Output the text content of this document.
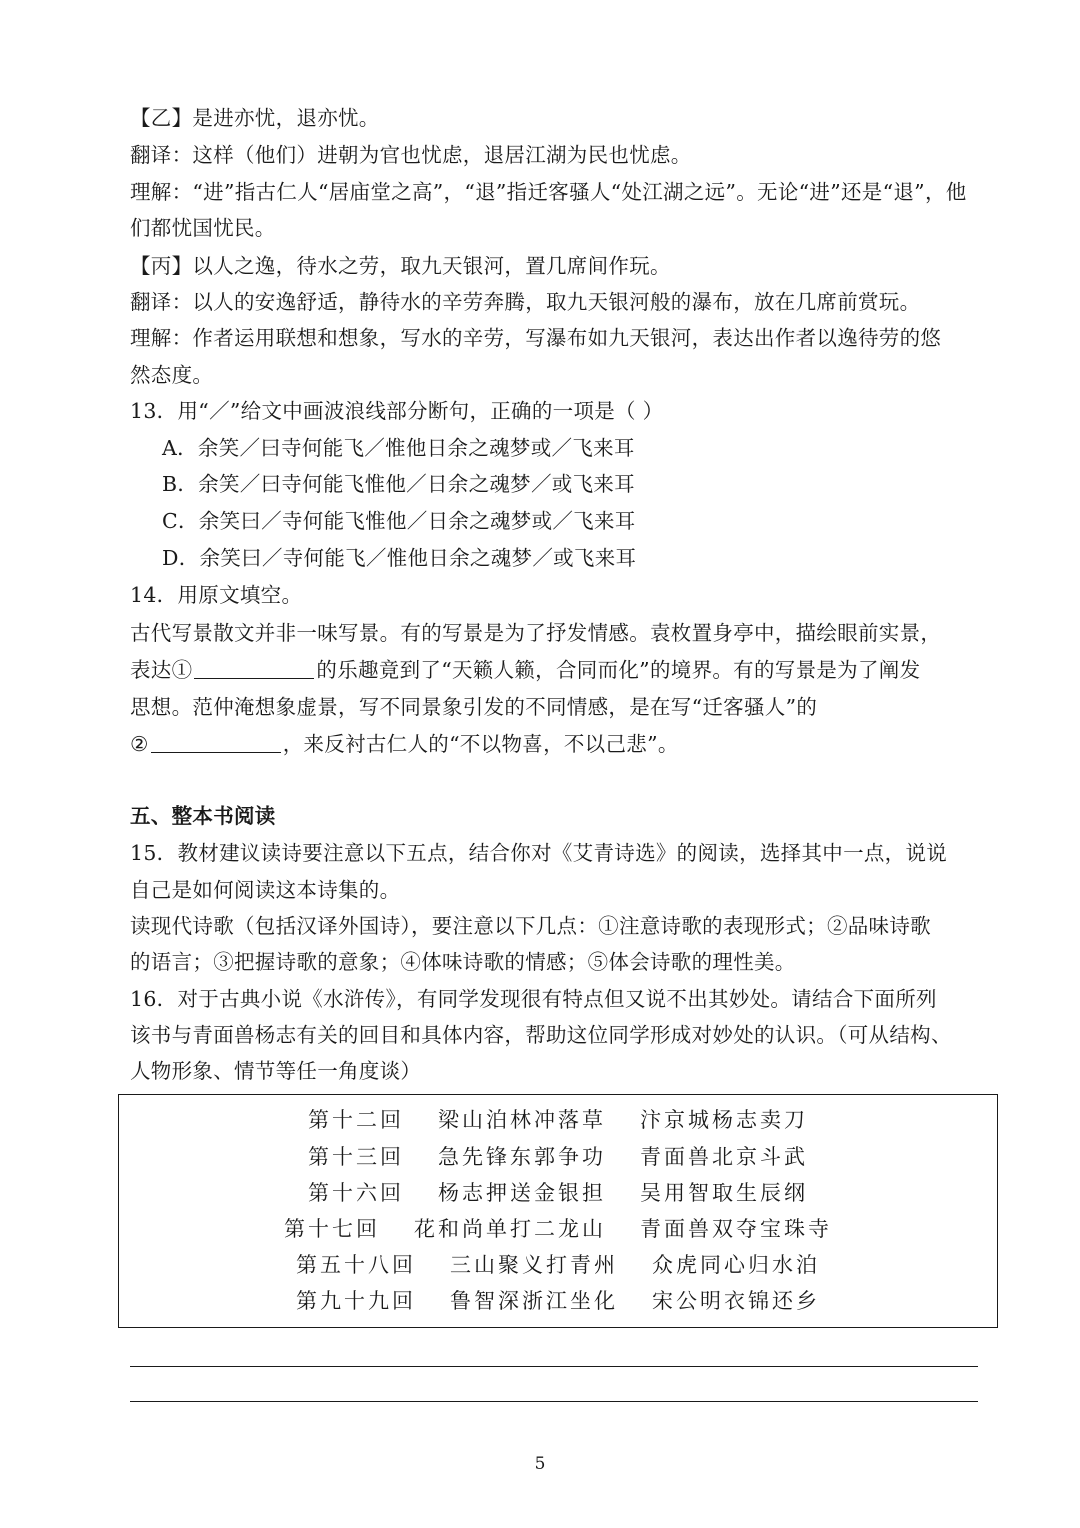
【乙】是进亦忧，退亦忧。
翻译：这样（他们）进朝为官也忧虑，退居江湖为民也忧虑。
理解：“进”指古仁人“居庙堂之高”，“退”指迁客骚人“处江湖之远”。无论“进”还是“退”，他
们都忧国忧民。
【丙】以人之逸，待水之劳，取九天银河，置几席间作玩。
翻译：以人的安逸舒适，静待水的辛劳奔腾，取九天银河般的瀑布，放在几席前赏玩。
理解：作者运用联想和想象，写水的辛劳，写瀑布如九天银河，表达出作者以逸待劳的悠
然态度。
13．用“／”给文中画波浪线部分断句，正确的一项是（ ）
A．余笑／曰寺何能飞／惟他日余之魂梦或／飞来耳
B．余笑／曰寺何能飞惟他／日余之魂梦／或飞来耳
C．余笑曰／寺何能飞惟他／日余之魂梦或／飞来耳
D．余笑曰／寺何能飞／惟他日余之魂梦／或飞来耳
14．用原文填空。
古代写景散文并非一味写景。有的写景是为了抒发情感。袁枚置身亭中，描绘眼前实景，
表达①	的乐趣竟到了“天籁人籁，合同而化”的境界。有的写景是为了阐发
思想。范仲淹想象虚景，写不同景象引发的不同情感，是在写“迁客骚人”的
②	，来反衬古仁人的“不以物喜，不以己悲”。
五、整本书阅读
15．教材建议读诗要注意以下五点，结合你对《艾青诗选》的阅读，选择其中一点，说说
自己是如何阅读这本诗集的。
读现代诗歌（包括汉译外国诗），要注意以下几点：①注意诗歌的表现形式；②品味诗歌
的语言；③把握诗歌的意象；④体味诗歌的情感；⑤体会诗歌的理性美。
16．对于古典小说《水浒传》，有同学发现很有特点但又说不出其妙处。请结合下面所列
该书与青面兽杨志有关的回目和具体内容，帮助这位同学形成对妙处的认识。（可从结构、
人物形象、情节等任一角度谈）
第十二回 梁山泊林冲落草 汴京城杨志卖刀
第十三回 急先锋东郭争功 青面兽北京斗武
第十六回 杨志押送金银担 吴用智取生辰纲
第十七回 花和尚单打二龙山 青面兽双夺宝珠寺
第五十八回 三山聚义打青州 众虎同心归水泊
第九十九回 鲁智深浙江坐化 宋公明衣锦还乡
5
